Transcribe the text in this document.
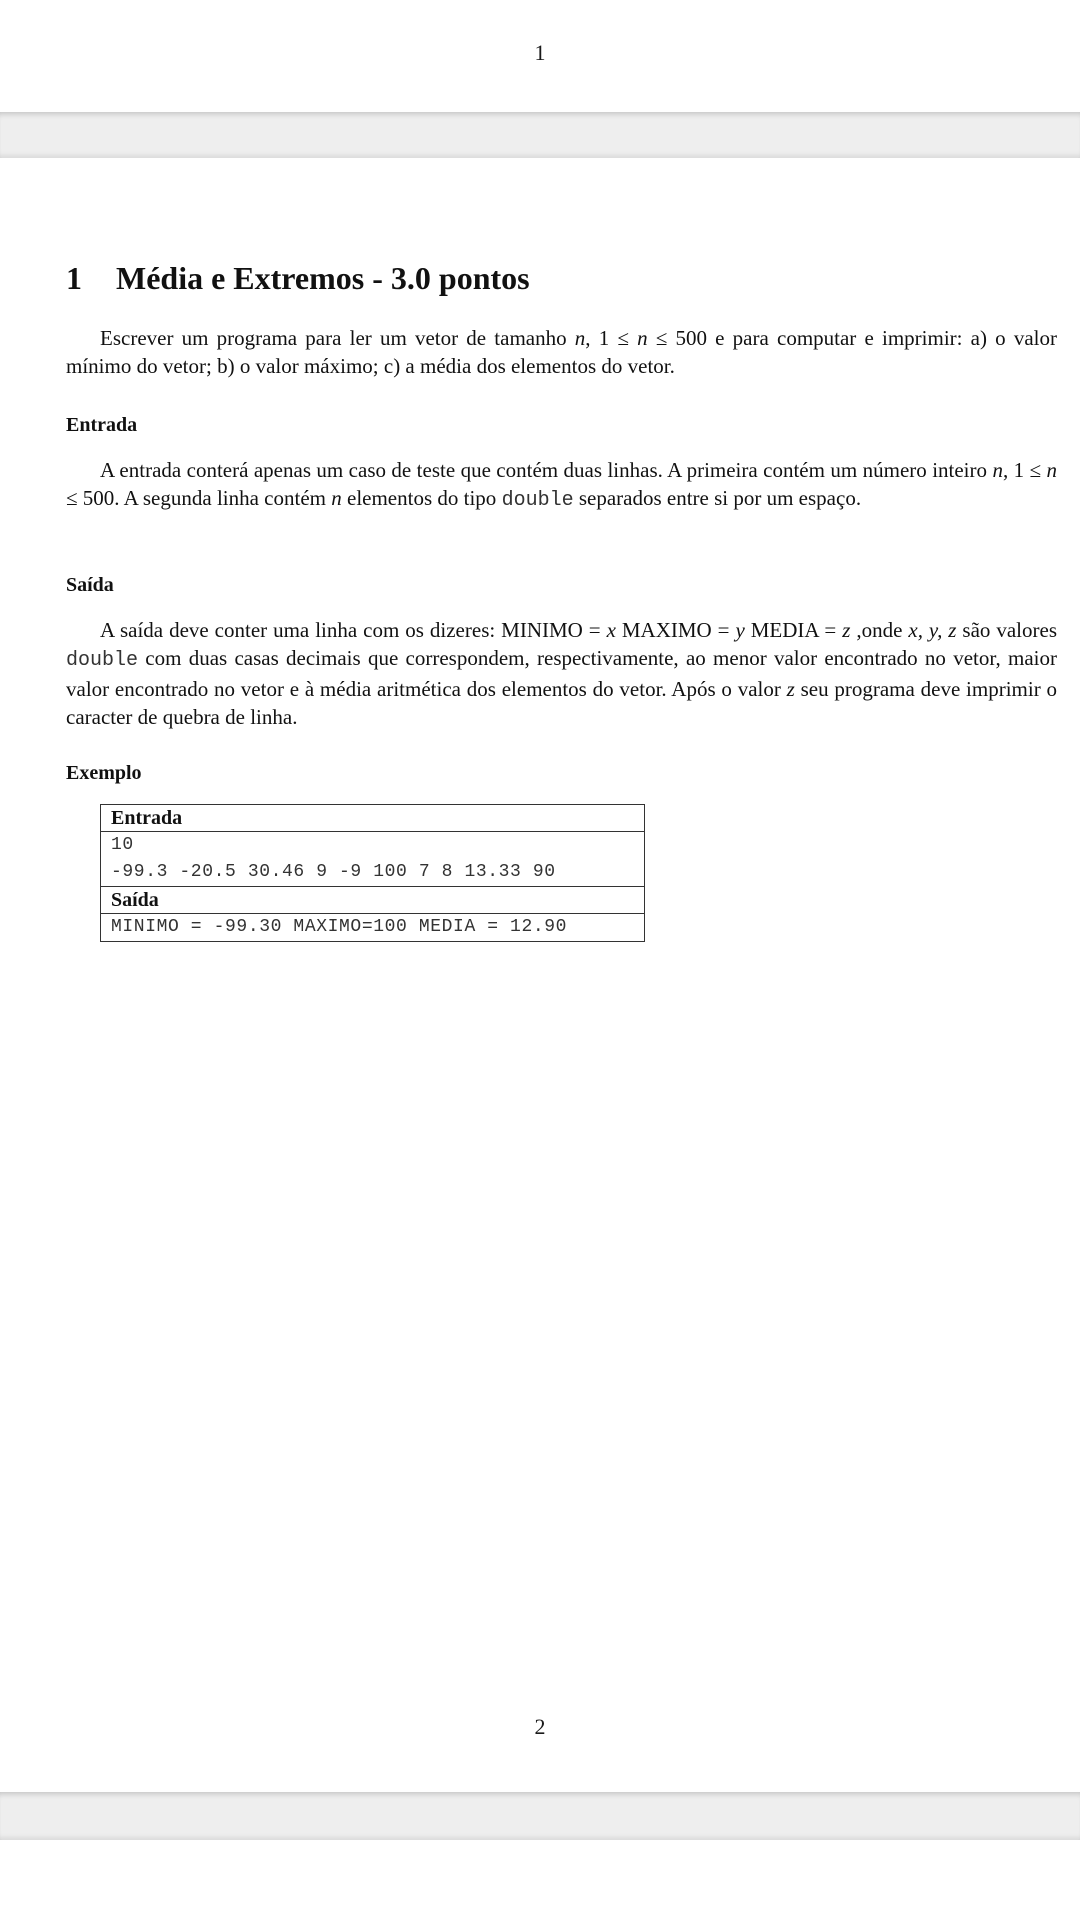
1
1 Média e Extremos - 3.0 pontos

Escrever um programa para ler um vetor de tamanho n, 1 ≤ n ≤ 500 e para computar e imprimir: a) o valor mínimo do vetor; b) o valor máximo; c) a média dos elementos do vetor.

Entrada

A entrada conterá apenas um caso de teste que contém duas linhas. A primeira contém um número inteiro n, 1 ≤ n ≤ 500. A segunda linha contém n elementos do tipo double separados entre si por um espaço.

Saída

A saída deve conter uma linha com os dizeres: MINIMO = x MAXIMO = y MEDIA = z ,onde x, y, z são valores double com duas casas decimais que correspondem, respectivamente, ao menor valor encontrado no vetor, maior valor encontrado no vetor e à média aritmética dos elementos do vetor. Após o valor z seu programa deve imprimir o caracter de quebra de linha.

Exemplo
Entrada

10
-99.3 -20.5 30.46 9 -9 100 7 8 13.33 90

Saída

MINIMO = -99.30 MAXIMO=100 MEDIA = 12.90
2
